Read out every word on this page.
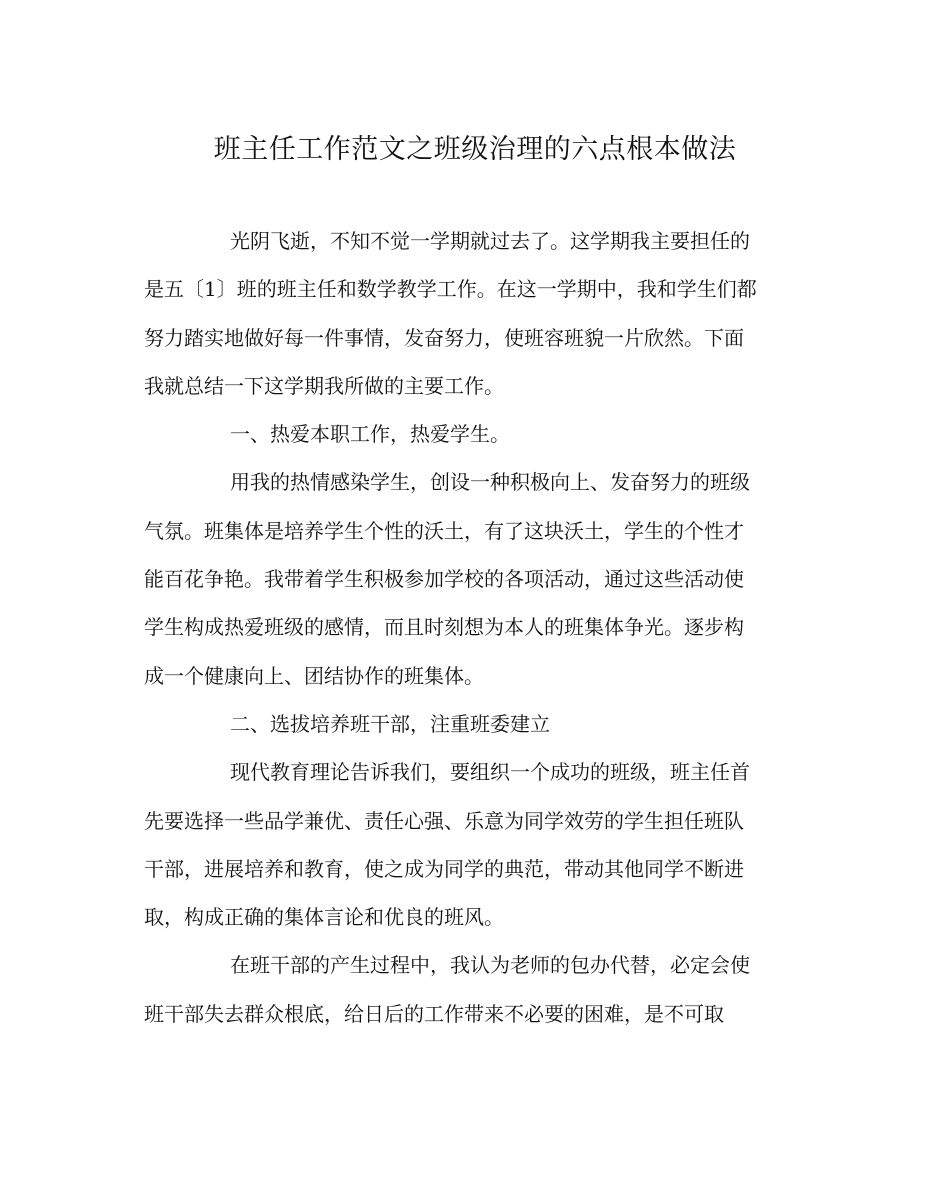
班主任工作范文之班级治理的六点根本做法
光阴飞逝，不知不觉一学期就过去了。这学期我主要担任的
是五〔1〕班的班主任和数学教学工作。在这一学期中，我和学生们都
努力踏实地做好每一件事情，发奋努力，使班容班貌一片欣然。下面
我就总结一下这学期我所做的主要工作。
一、热爱本职工作，热爱学生。
用我的热情感染学生，创设一种积极向上、发奋努力的班级
气氛。班集体是培养学生个性的沃土，有了这块沃土，学生的个性才
能百花争艳。我带着学生积极参加学校的各项活动，通过这些活动使
学生构成热爱班级的感情，而且时刻想为本人的班集体争光。逐步构
成一个健康向上、团结协作的班集体。
二、选拔培养班干部，注重班委建立
现代教育理论告诉我们，要组织一个成功的班级，班主任首
先要选择一些品学兼优、责任心强、乐意为同学效劳的学生担任班队
干部，进展培养和教育，使之成为同学的典范，带动其他同学不断进
取，构成正确的集体言论和优良的班风。
在班干部的产生过程中，我认为老师的包办代替，必定会使
班干部失去群众根底，给日后的工作带来不必要的困难，是不可取
